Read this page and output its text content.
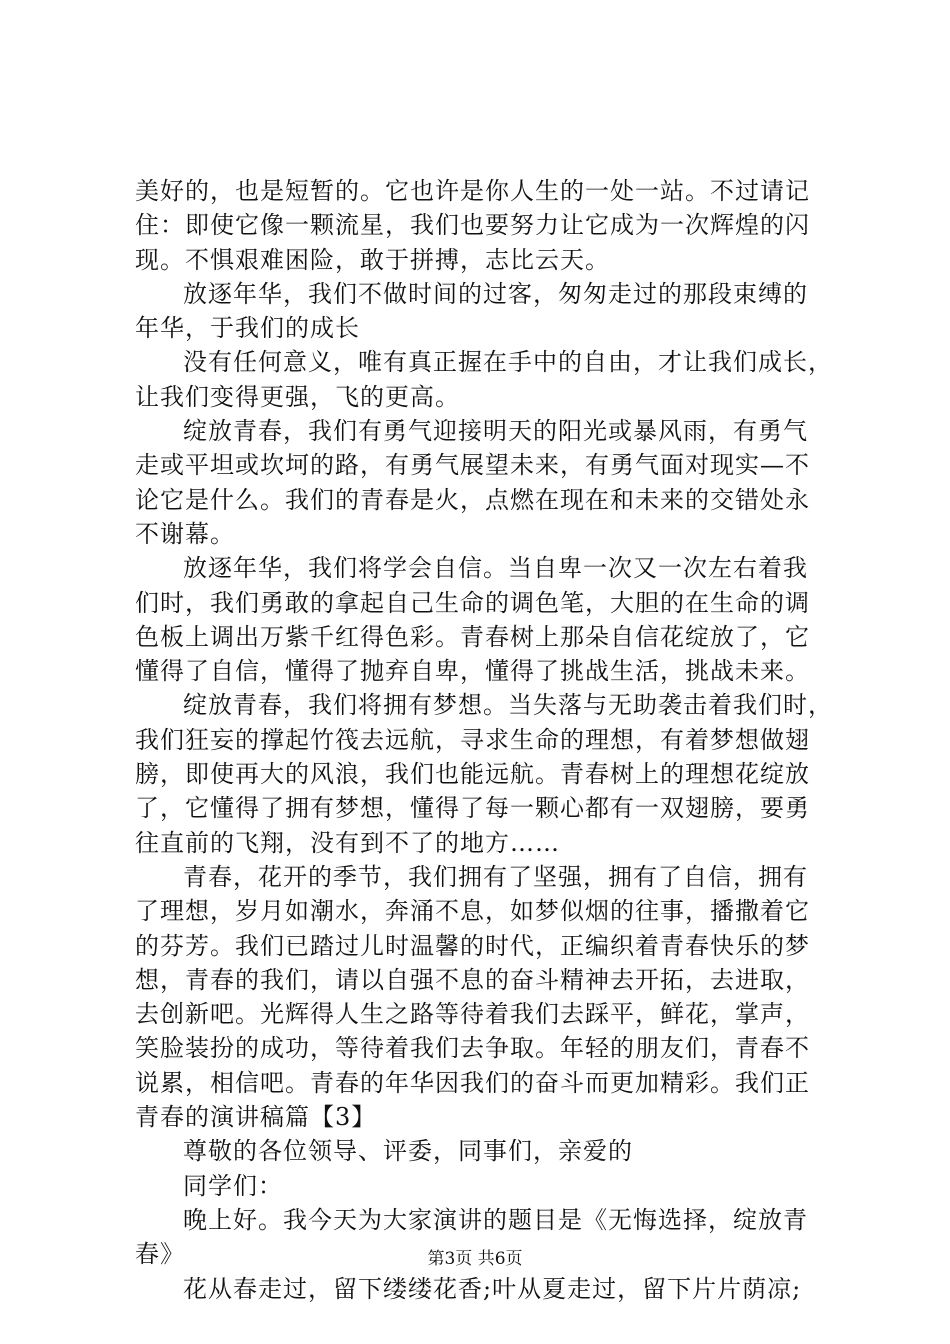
美好的，也是短暂的。它也许是你人生的一处一站。不过请记
住：即使它像一颗流星，我们也要努力让它成为一次辉煌的闪
现。不惧艰难困险，敢于拼搏，志比云天。
放逐年华，我们不做时间的过客，匆匆走过的那段束缚的
年华，于我们的成长
没有任何意义，唯有真正握在手中的自由，才让我们成长，
让我们变得更强，飞的更高。
绽放青春，我们有勇气迎接明天的阳光或暴风雨，有勇气
走或平坦或坎坷的路，有勇气展望未来，有勇气面对现实—不
论它是什么。我们的青春是火，点燃在现在和未来的交错处永
不谢幕。
放逐年华，我们将学会自信。当自卑一次又一次左右着我
们时，我们勇敢的拿起自己生命的调色笔，大胆的在生命的调
色板上调出万紫千红得色彩。青春树上那朵自信花绽放了，它
懂得了自信，懂得了抛弃自卑，懂得了挑战生活，挑战未来。
绽放青春，我们将拥有梦想。当失落与无助袭击着我们时，
我们狂妄的撑起竹筏去远航，寻求生命的理想，有着梦想做翅
膀，即使再大的风浪，我们也能远航。青春树上的理想花绽放
了，它懂得了拥有梦想，懂得了每一颗心都有一双翅膀，要勇
往直前的飞翔，没有到不了的地方……
青春，花开的季节，我们拥有了坚强，拥有了自信，拥有
了理想，岁月如潮水，奔涌不息，如梦似烟的往事，播撒着它
的芬芳。我们已踏过儿时温馨的时代，正编织着青春快乐的梦
想，青春的我们，请以自强不息的奋斗精神去开拓，去进取，
去创新吧。光辉得人生之路等待着我们去踩平，鲜花，掌声，
笑脸装扮的成功，等待着我们去争取。年轻的朋友们，青春不
说累，相信吧。青春的年华因我们的奋斗而更加精彩。我们正
青春的演讲稿篇【3】
尊敬的各位领导、评委，同事们，亲爱的
同学们：
晚上好。我今天为大家演讲的题目是《无悔选择，绽放青
春》
花从春走过，留下缕缕花香;叶从夏走过，留下片片荫凉;
第3页 共6页
